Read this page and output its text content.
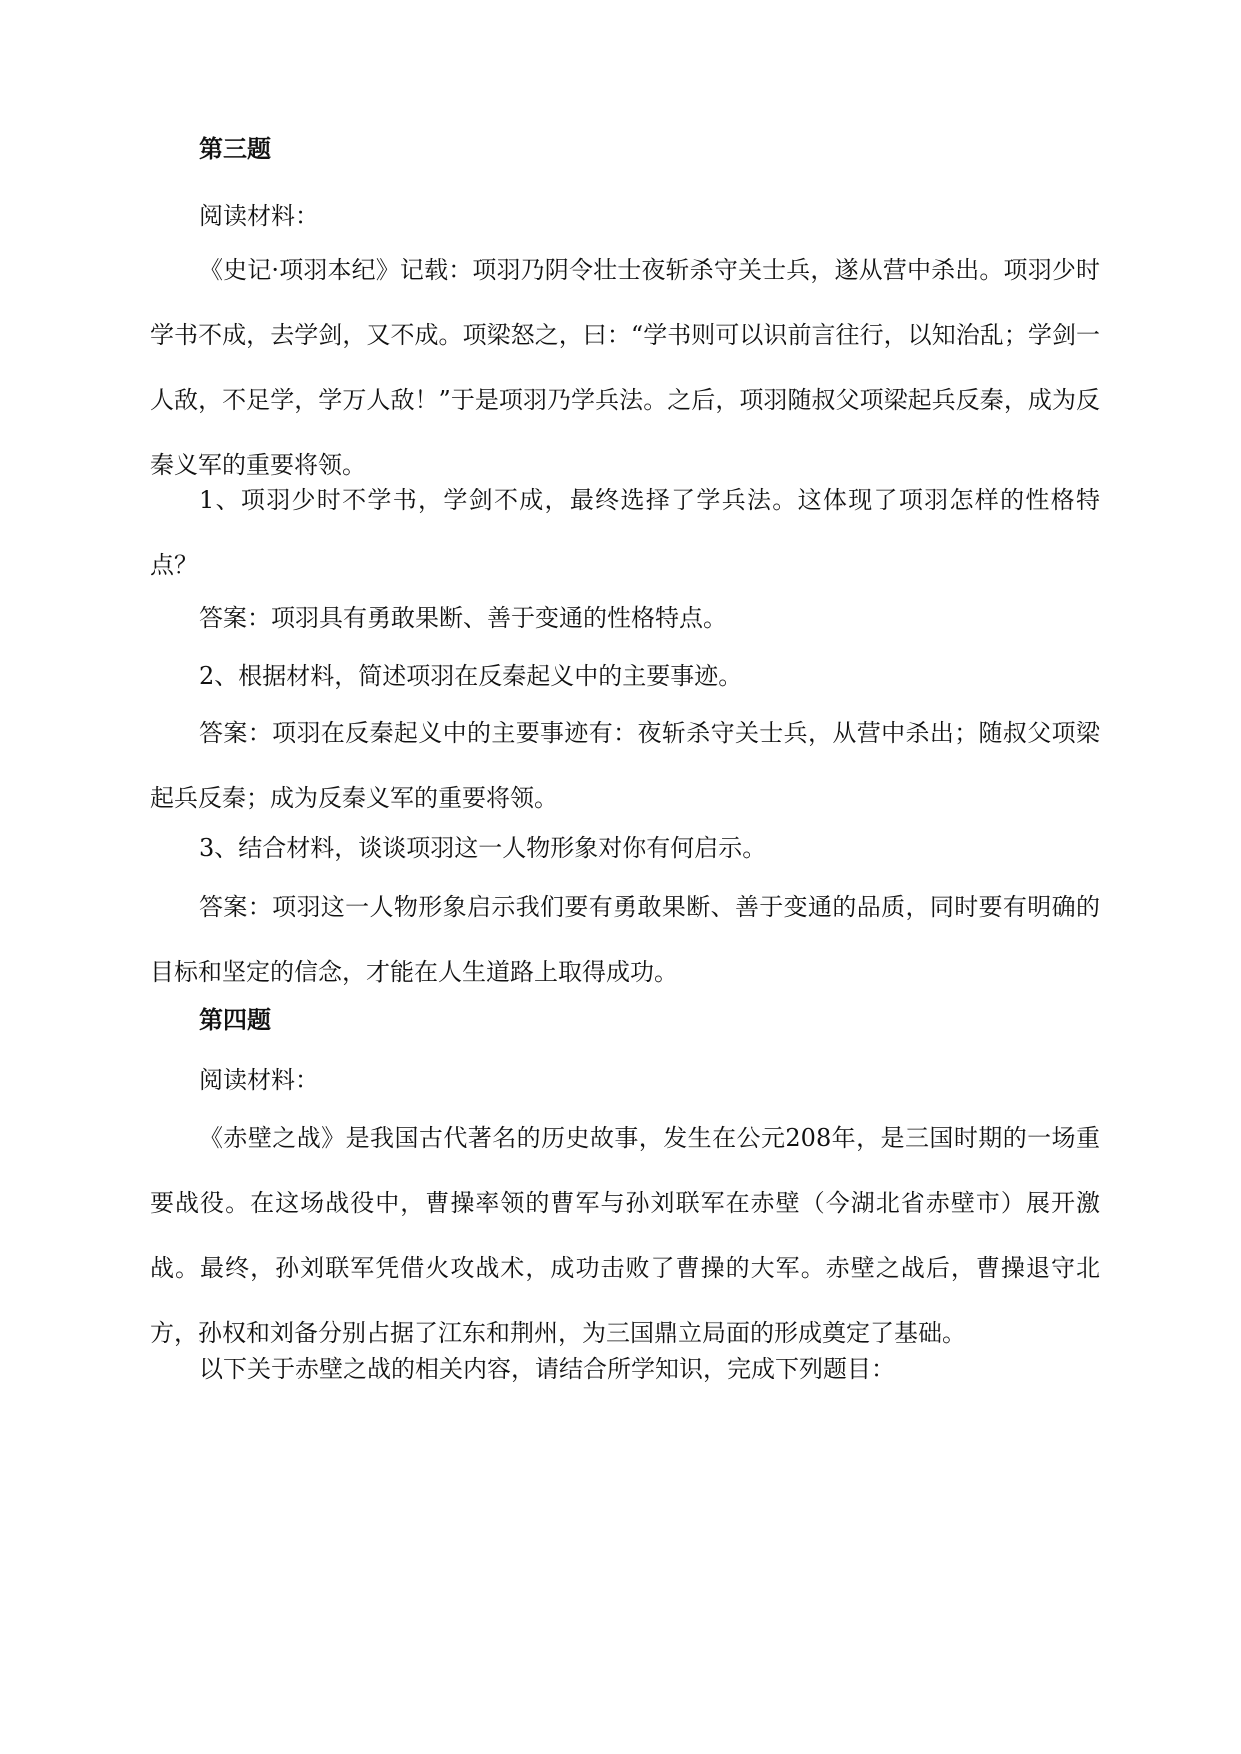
第三题

阅读材料：

《史记·项羽本纪》记载：项羽乃阴令壮士夜斩杀守关士兵，遂从营中杀出。项羽少时学书不成，去学剑，又不成。项梁怒之，曰：“学书则可以识前言往行，以知治乱；学剑一人敌，不足学，学万人敌！”于是项羽乃学兵法。之后，项羽随叔父项梁起兵反秦，成为反秦义军的重要将领。

1、项羽少时不学书，学剑不成，最终选择了学兵法。这体现了项羽怎样的性格特点？

答案：项羽具有勇敢果断、善于变通的性格特点。

2、根据材料，简述项羽在反秦起义中的主要事迹。

答案：项羽在反秦起义中的主要事迹有：夜斩杀守关士兵，从营中杀出；随叔父项梁起兵反秦；成为反秦义军的重要将领。

3、结合材料，谈谈项羽这一人物形象对你有何启示。

答案：项羽这一人物形象启示我们要有勇敢果断、善于变通的品质，同时要有明确的目标和坚定的信念，才能在人生道路上取得成功。

第四题

阅读材料：

《赤壁之战》是我国古代著名的历史故事，发生在公元208年，是三国时期的一场重要战役。在这场战役中，曹操率领的曹军与孙刘联军在赤壁（今湖北省赤壁市）展开激战。最终，孙刘联军凭借火攻战术，成功击败了曹操的大军。赤壁之战后，曹操退守北方，孙权和刘备分别占据了江东和荆州，为三国鼎立局面的形成奠定了基础。

以下关于赤壁之战的相关内容，请结合所学知识，完成下列题目：
